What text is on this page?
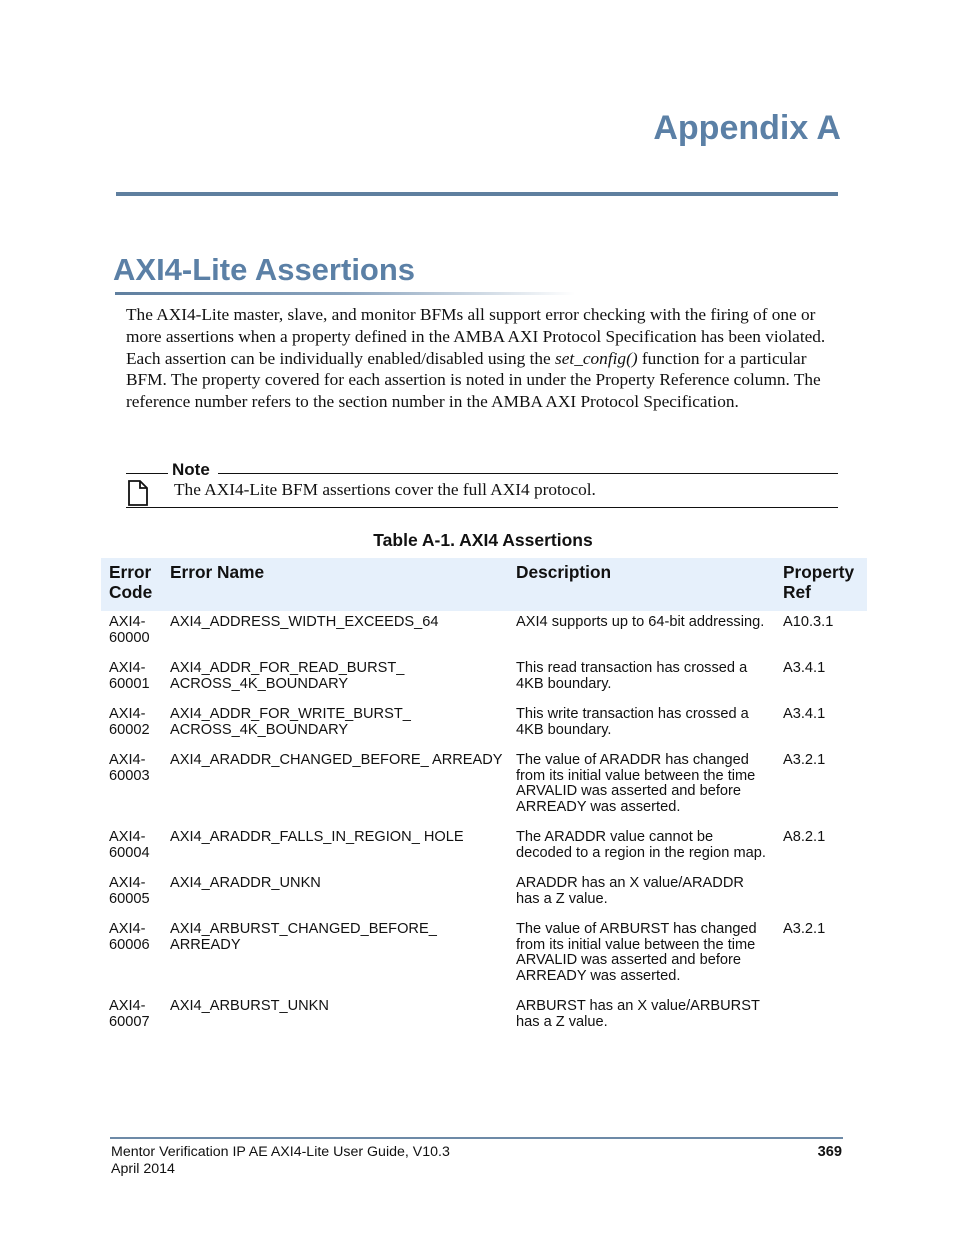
Appendix A
AXI4-Lite Assertions

The AXI4-Lite master, slave, and monitor BFMs all support error checking with the firing of one or more assertions when a property defined in the AMBA AXI Protocol Specification has been violated. Each assertion can be individually enabled/disabled using the set_config() function for a particular BFM. The property covered for each assertion is noted in under the Property Reference column. The reference number refers to the section number in the AMBA AXI Protocol Specification.

Note
The AXI4-Lite BFM assertions cover the full AXI4 protocol.
Table A-1. AXI4 Assertions
Error Code	Error Name	Description	Property Ref
AXI4-60000	AXI4_ADDRESS_WIDTH_EXCEEDS_64	AXI4 supports up to 64-bit addressing.	A10.3.1
AXI4-60001	AXI4_ADDR_FOR_READ_BURST_ ACROSS_4K_BOUNDARY	This read transaction has crossed a 4KB boundary.	A3.4.1
AXI4-60002	AXI4_ADDR_FOR_WRITE_BURST_ ACROSS_4K_BOUNDARY	This write transaction has crossed a 4KB boundary.	A3.4.1
AXI4-60003	AXI4_ARADDR_CHANGED_BEFORE_ ARREADY	The value of ARADDR has changed from its initial value between the time ARVALID was asserted and before ARREADY was asserted.	A3.2.1
AXI4-60004	AXI4_ARADDR_FALLS_IN_REGION_ HOLE	The ARADDR value cannot be decoded to a region in the region map.	A8.2.1
AXI4-60005	AXI4_ARADDR_UNKN	ARADDR has an X value/ARADDR has a Z value.	
AXI4-60006	AXI4_ARBURST_CHANGED_BEFORE_ ARREADY	The value of ARBURST has changed from its initial value between the time ARVALID was asserted and before ARREADY was asserted.	A3.2.1
AXI4-60007	AXI4_ARBURST_UNKN	ARBURST has an X value/ARBURST has a Z value.	
Mentor Verification IP AE AXI4-Lite User Guide, V10.3
April 2014
369
